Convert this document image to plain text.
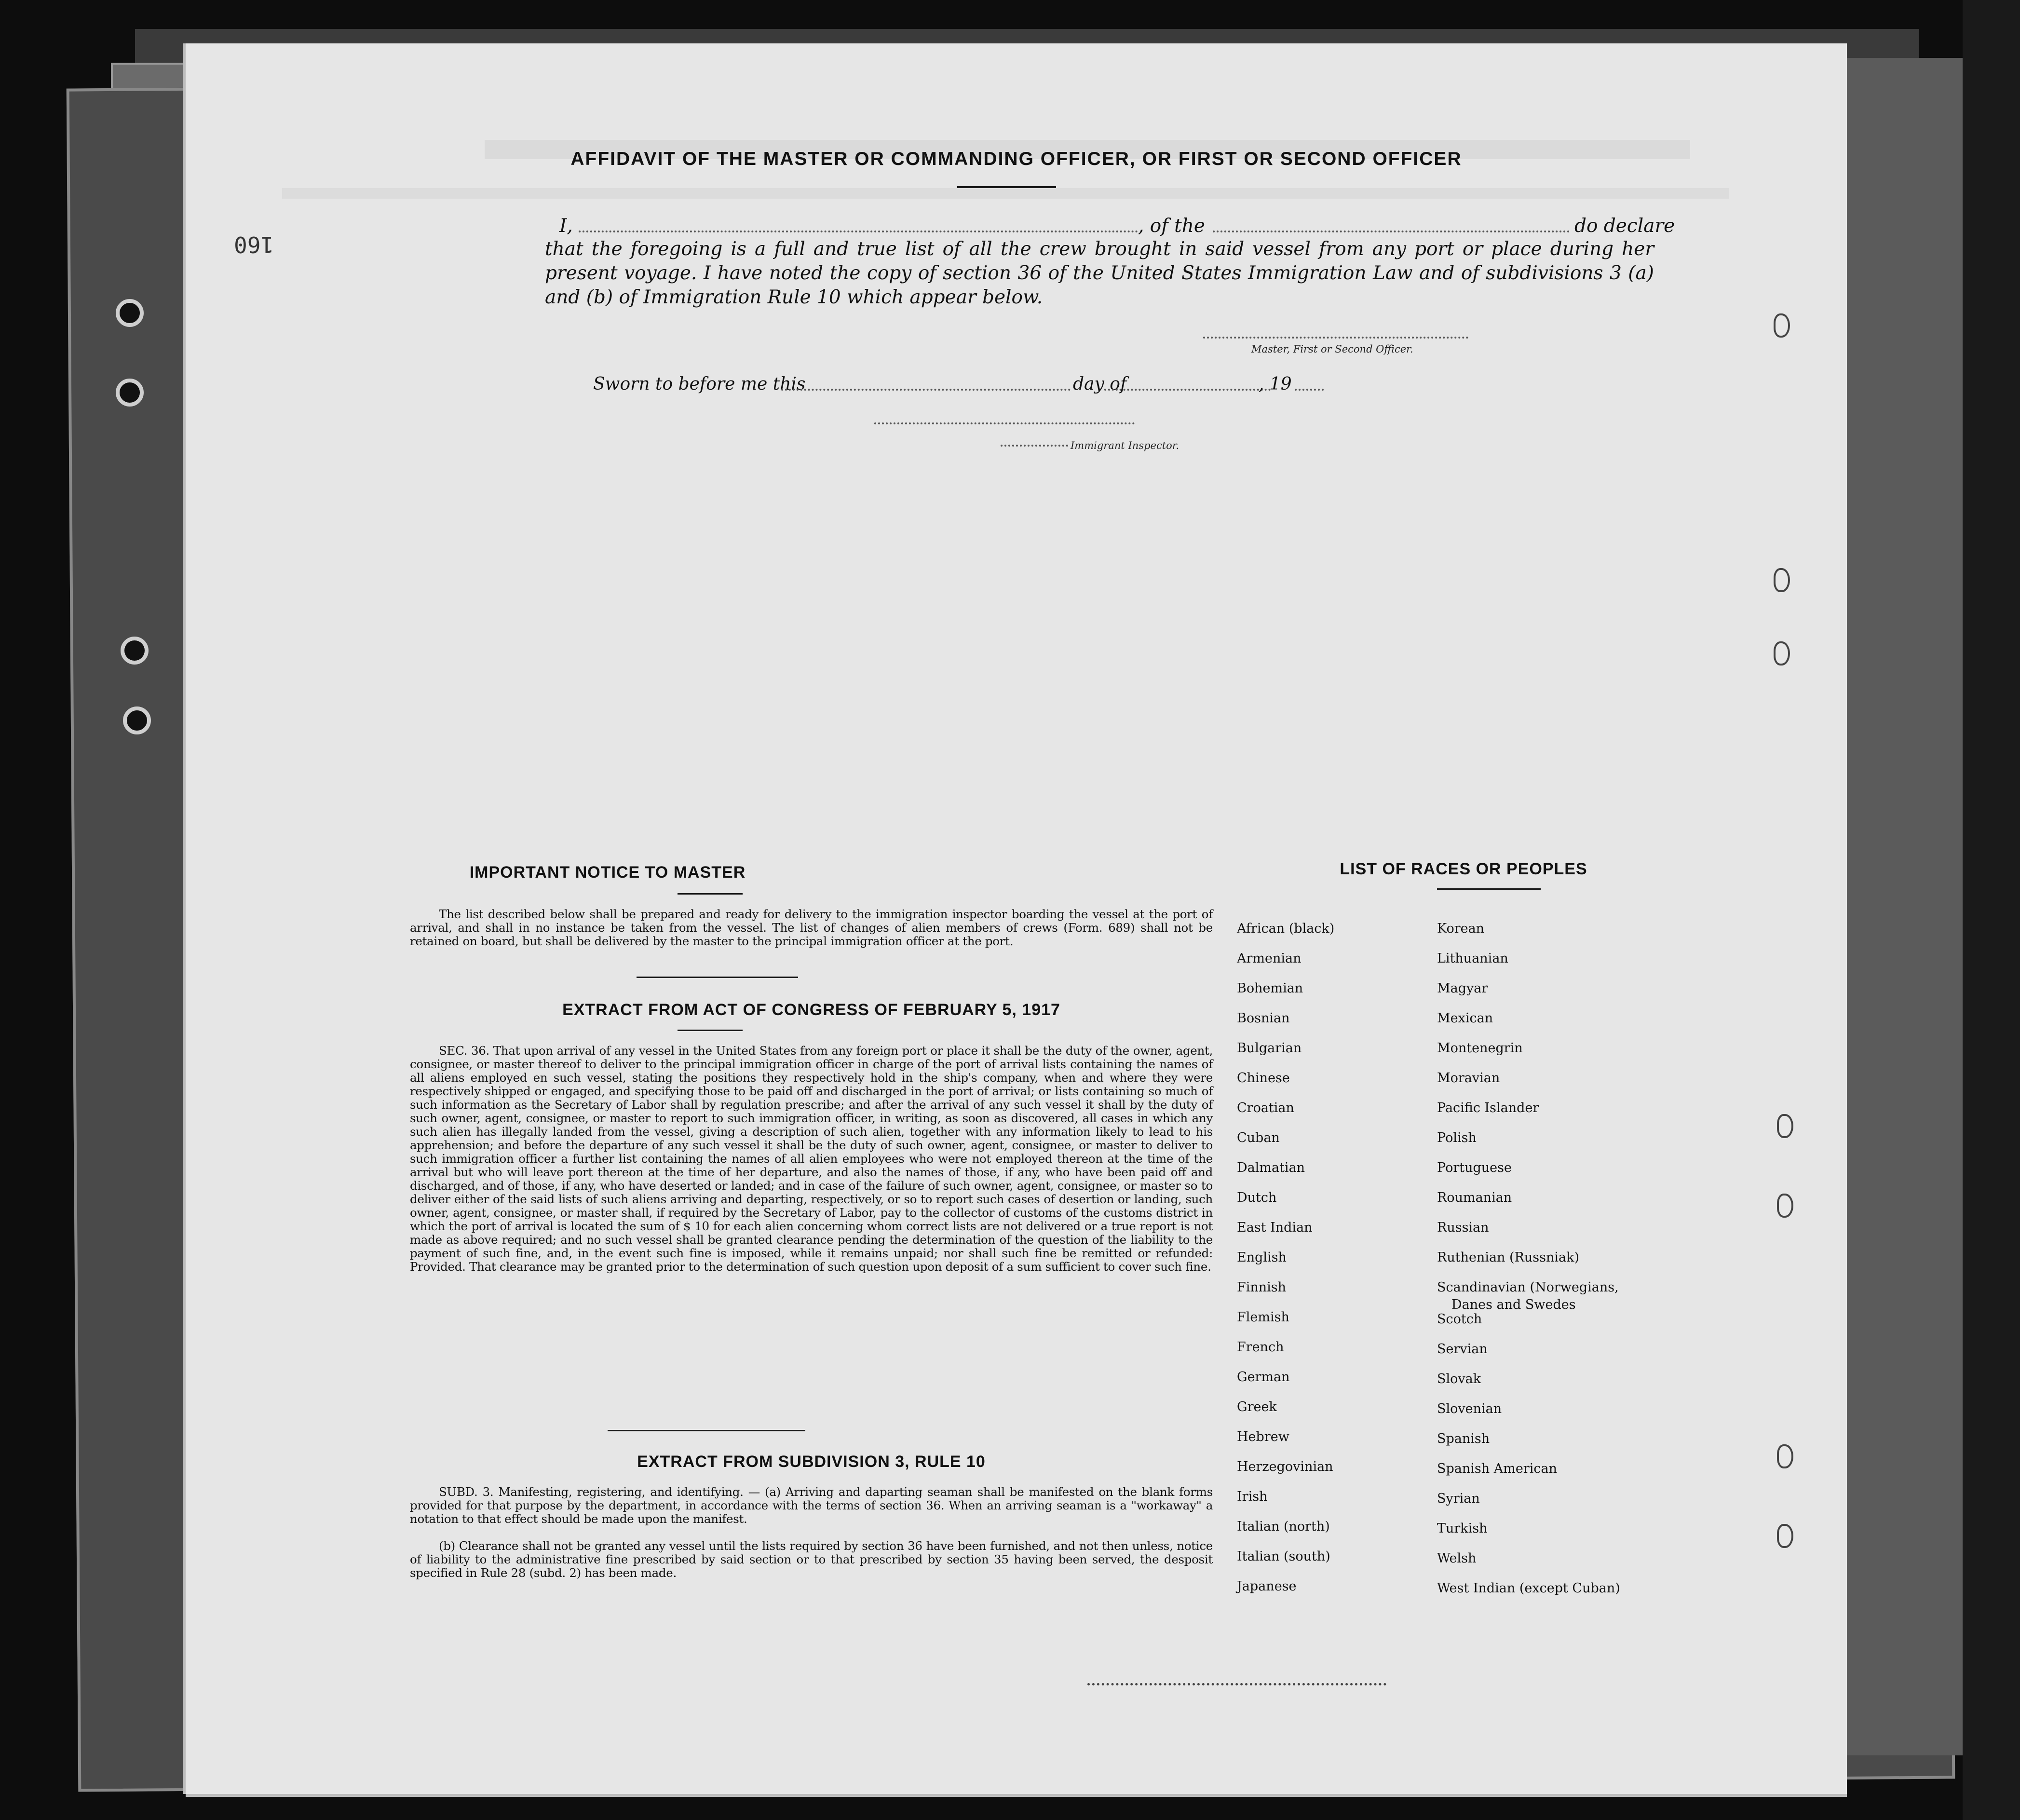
160
AFFIDAVIT OF THE MASTER OR COMMANDING OFFICER, OR FIRST OR SECOND OFFICER
I,	, of the	do declare
that the foregoing is a full and true list of all the crew brought in said vessel from any port or place during her present voyage. I have noted the copy of section 36 of the United States Immigration Law and of subdivisions 3 (a) and (b) of Immigration Rule 10 which appear below.
Master, First or Second Officer.
Sworn to before me this	day of	, 19
Immigrant Inspector.
IMPORTANT NOTICE TO MASTER
The list described below shall be prepared and ready for delivery to the immigration inspector boarding the vessel at the port of arrival, and shall in no instance be taken from the vessel. The list of changes of alien members of crews (Form. 689) shall not be retained on board, but shall be delivered by the master to the principal immigration officer at the port.
EXTRACT FROM ACT OF CONGRESS OF FEBRUARY 5, 1917
SEC. 36. That upon arrival of any vessel in the United States from any foreign port or place it shall be the duty of the owner, agent, consignee, or master thereof to deliver to the principal immigration officer in charge of the port of arrival lists containing the names of all aliens employed en such vessel, stating the positions they respectively hold in the ship's company, when and where they were respectively shipped or engaged, and specifying those to be paid off and discharged in the port of arrival; or lists containing so much of such information as the Secretary of Labor shall by regulation prescribe; and after the arrival of any such vessel it shall by the duty of such owner, agent, consignee, or master to report to such immigration officer, in writing, as soon as discovered, all cases in which any such alien has illegally landed from the vessel, giving a description of such alien, together with any information likely to lead to his apprehension; and before the departure of any such vessel it shall be the duty of such owner, agent, consignee, or master to deliver to such immigration officer a further list containing the names of all alien employees who were not employed thereon at the time of the arrival but who will leave port thereon at the time of her departure, and also the names of those, if any, who have been paid off and discharged, and of those, if any, who have deserted or landed; and in case of the failure of such owner, agent, consignee, or master so to deliver either of the said lists of such aliens arriving and departing, respectively, or so to report such cases of desertion or landing, such owner, agent, consignee, or master shall, if required by the Secretary of Labor, pay to the collector of customs of the customs district in which the port of arrival is located the sum of $ 10 for each alien concerning whom correct lists are not delivered or a true report is not made as above required; and no such vessel shall be granted clearance pending the determination of the question of the liability to the payment of such fine, and, in the event such fine is imposed, while it remains unpaid; nor shall such fine be remitted or refunded: Provided. That clearance may be granted prior to the determination of such question upon deposit of a sum sufficient to cover such fine.
EXTRACT FROM SUBDIVISION 3, RULE 10
SUBD. 3. Manifesting, registering, and identifying. — (a) Arriving and daparting seaman shall be manifested on the blank forms provided for that purpose by the department, in accordance with the terms of section 36. When an arriving seaman is a "workaway" a notation to that effect should be made upon the manifest.
(b) Clearance shall not be granted any vessel until the lists required by section 36 have been furnished, and not then unless, notice of liability to the administrative fine prescribed by said section or to that prescribed by section 35 having been served, the desposit specified in Rule 28 (subd. 2) has been made.
LIST OF RACES OR PEOPLES
African (black)
Armenian
Bohemian
Bosnian
Bulgarian
Chinese
Croatian
Cuban
Dalmatian
Dutch
East Indian
English
Finnish
Flemish
French
German
Greek
Hebrew
Herzegovinian
Irish
Italian (north)
Italian (south)
Japanese
Korean
Lithuanian
Magyar
Mexican
Montenegrin
Moravian
Pacific Islander
Polish
Portuguese
Roumanian
Russian
Ruthenian (Russniak)
Scandinavian (Norwegians,
Scotch
Servian
Slovak
Slovenian
Spanish
Spanish American
Syrian
Turkish
Welsh
West Indian (except Cuban)
Danes and Swedes
